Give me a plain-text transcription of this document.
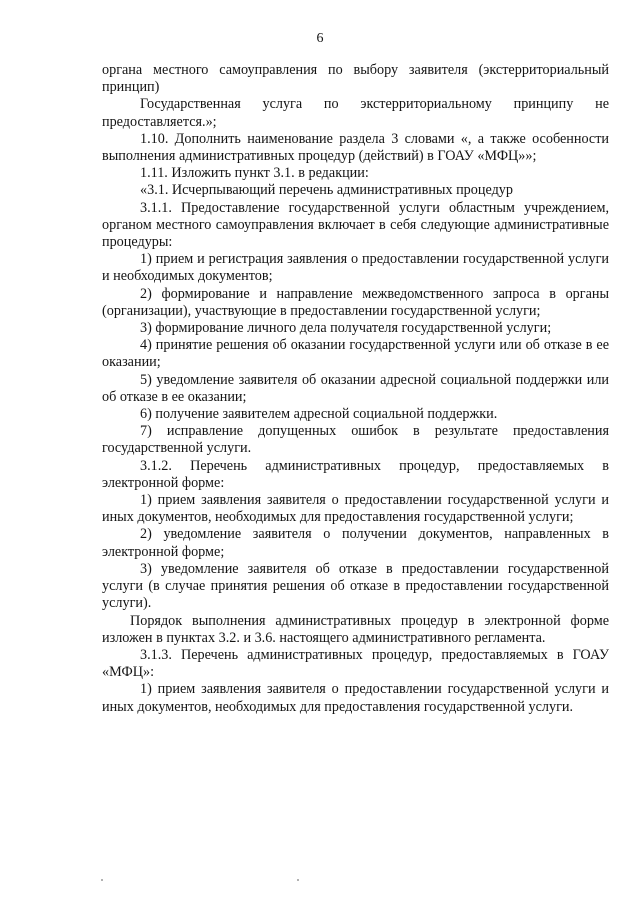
6

органа местного самоуправления по выбору заявителя (экстерриториальный принцип)

Государственная услуга по экстерриториальному принципу не предоставляется.»;

1.10. Дополнить наименование раздела 3 словами «, а также особенности выполнения административных процедур (действий) в ГОАУ «МФЦ»»;

1.11. Изложить пункт 3.1. в редакции:

«3.1. Исчерпывающий перечень административных процедур

3.1.1. Предоставление государственной услуги областным учреждением, органом местного самоуправления включает в себя следующие административные процедуры:

1) прием и регистрация заявления о предоставлении государственной услуги и необходимых документов;

2) формирование и направление межведомственного запроса в органы (организации), участвующие в предоставлении государственной услуги;

3) формирование личного дела получателя государственной услуги;

4) принятие решения об оказании государственной услуги или об отказе в ее оказании;

5) уведомление заявителя об оказании адресной социальной поддержки или об отказе в ее оказании;

6) получение заявителем адресной социальной поддержки.

7) исправление допущенных ошибок в результате предоставления государственной услуги.

3.1.2. Перечень административных процедур, предоставляемых в электронной форме:

1) прием заявления заявителя о предоставлении государственной услуги и иных документов, необходимых для предоставления государственной услуги;

2) уведомление заявителя о получении документов, направленных в электронной форме;

3) уведомление заявителя об отказе в предоставлении государственной услуги (в случае принятия решения об отказе в предоставлении государственной услуги).

Порядок выполнения административных процедур в электронной форме изложен в пунктах 3.2. и 3.6. настоящего административного регламента.

3.1.3. Перечень административных процедур, предоставляемых в ГОАУ «МФЦ»:

1) прием заявления заявителя о предоставлении государственной услуги и иных документов, необходимых для предоставления государственной услуги.
